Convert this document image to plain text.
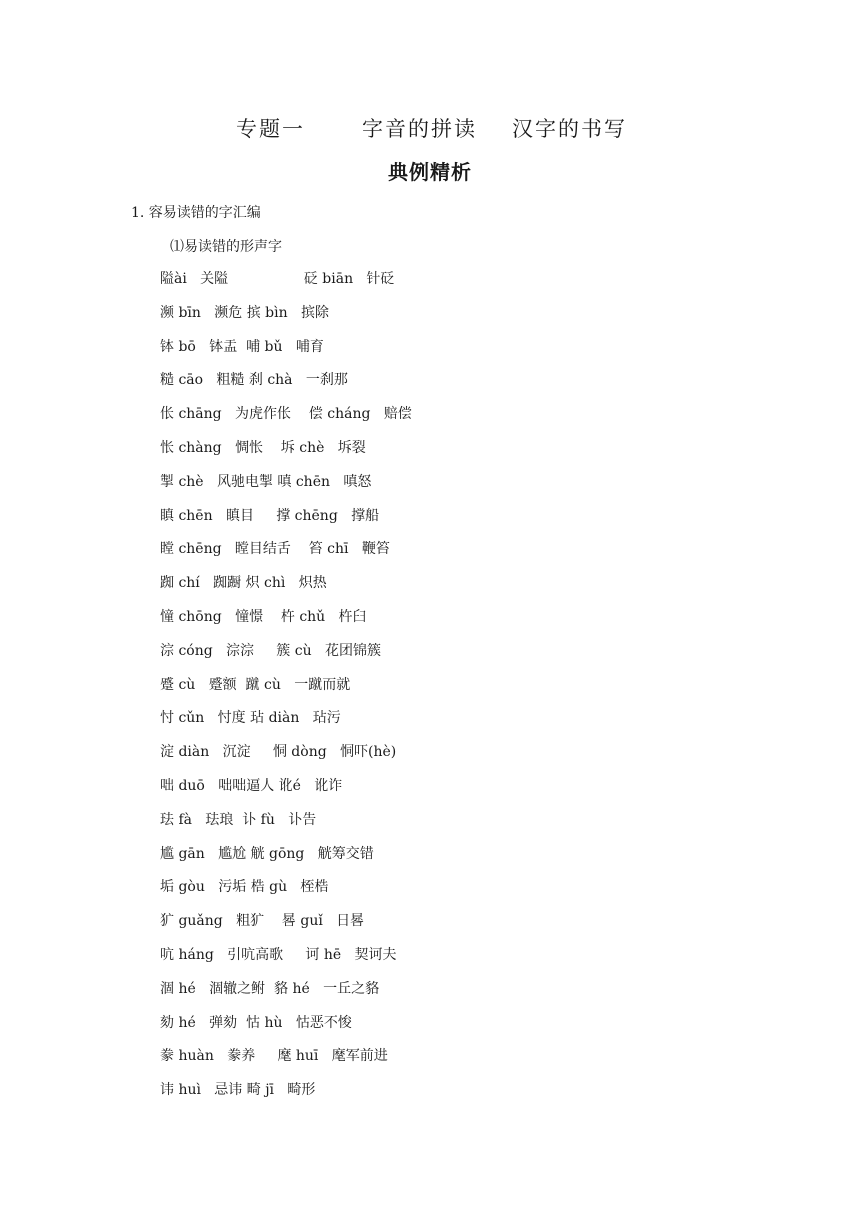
专题一	字音的拼读 汉字的书写
典例精析
1. 容易读错的字汇编
⑴易读错的形声字
隘ài   关隘                 砭 biān   针砭
濒 bīn   濒危 摈 bìn   摈除
钵 bō   钵盂  哺 bǔ   哺育
糙 cāo   粗糙 刹 chà   一刹那
伥 chāng   为虎作伥    偿 cháng   赔偿
怅 chàng   惆怅    坼 chè   坼裂
掣 chè   风驰电掣 嗔 chēn   嗔怒
瞋 chēn   瞋目     撑 chēng   撑船
瞠 chēng   瞠目结舌    笞 chī   鞭笞
踟 chí   踟蹰 炽 chì   炽热
憧 chōng   憧憬    杵 chǔ   杵臼
淙 cóng   淙淙     簇 cù   花团锦簇
蹙 cù   蹙额  蹴 cù   一蹴而就
忖 cǔn   忖度 玷 diàn   玷污
淀 diàn   沉淀     恫 dòng   恫吓(hè)
咄 duō   咄咄逼人 讹é   讹诈
珐 fà   珐琅  讣 fù   讣告
尴 gān   尴尬 觥 gōng   觥筹交错
垢 gòu   污垢 梏 gù   桎梏
犷 guǎng   粗犷    晷 guǐ   日晷
吭 háng   引吭高歌     诃 hē   契诃夫
涸 hé   涸辙之鲋  貉 hé   一丘之貉
劾 hé   弹劾  怙 hù   怙恶不悛
豢 huàn   豢养     麾 huī   麾军前进
讳 huì   忌讳 畸 jī   畸形
